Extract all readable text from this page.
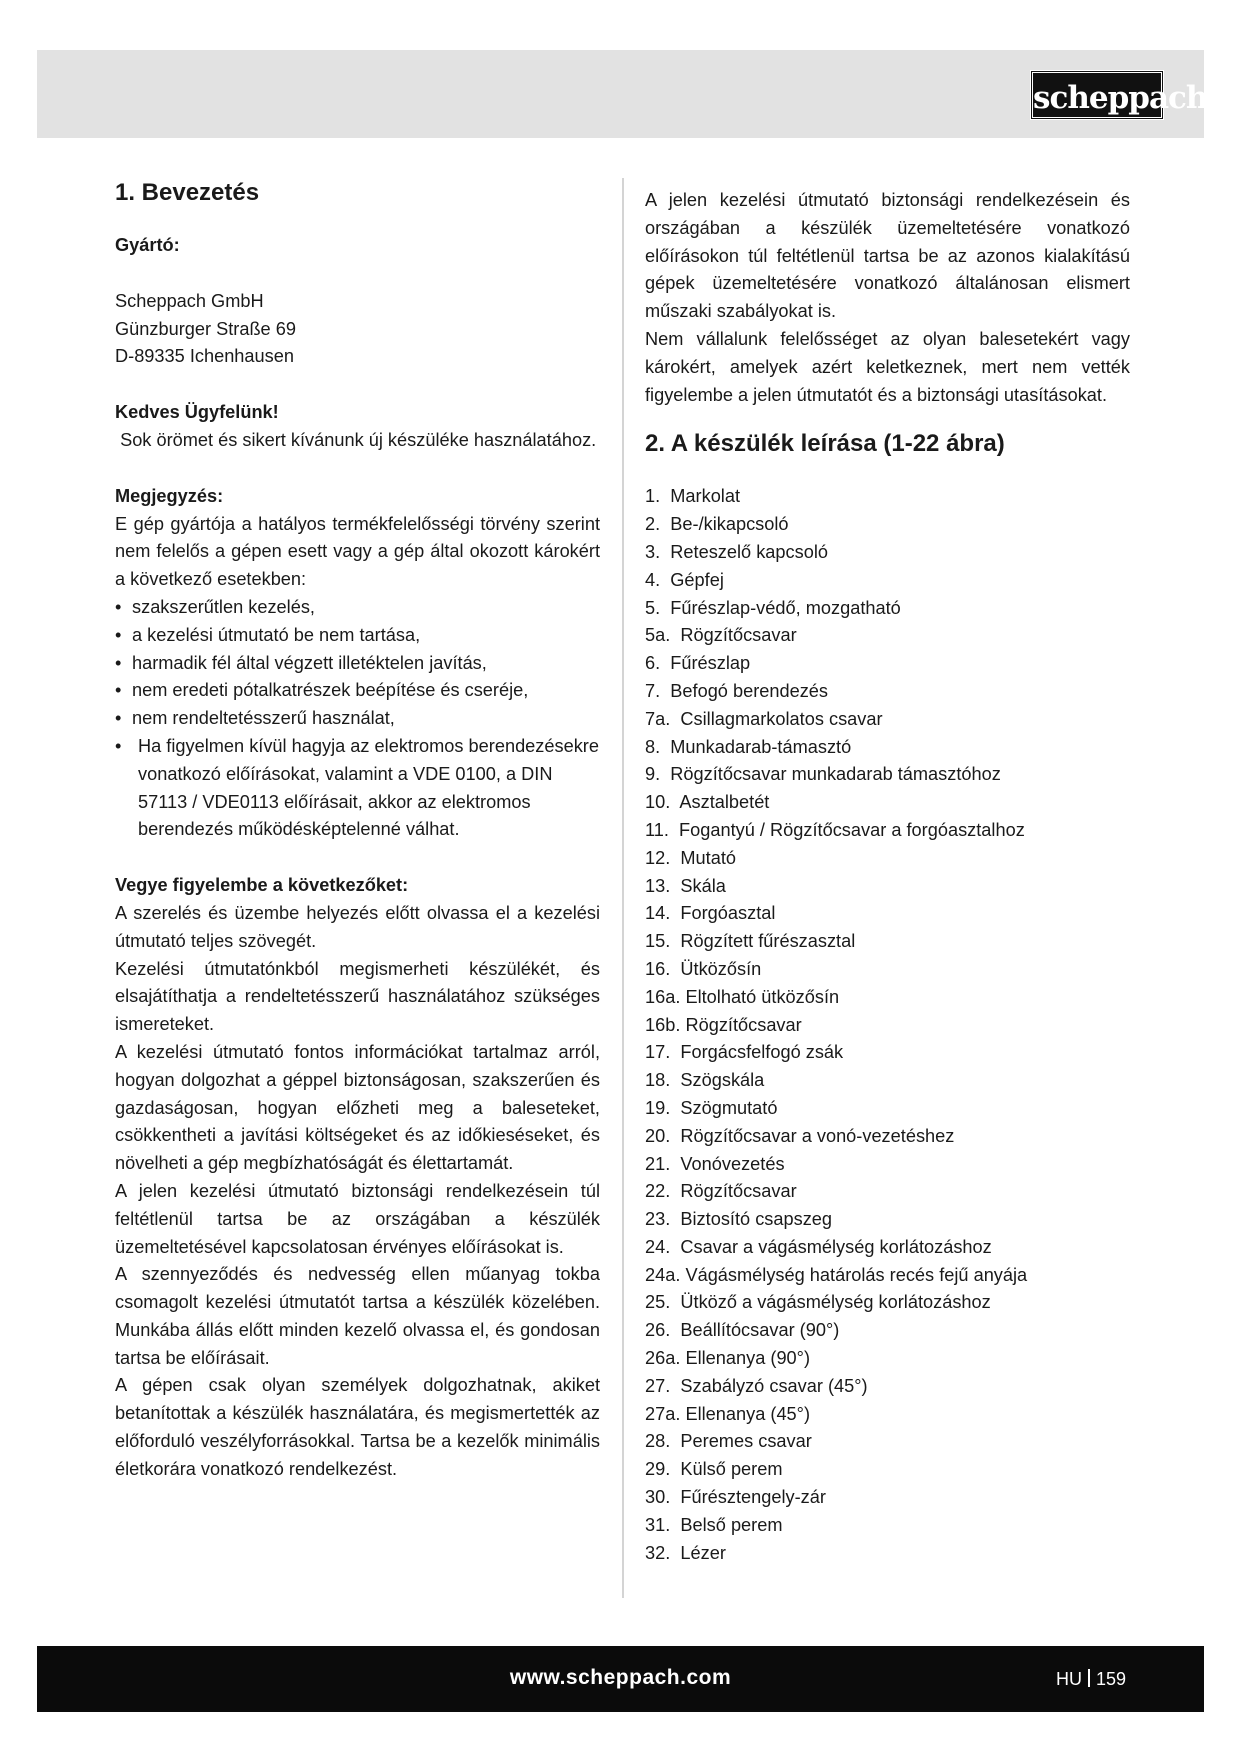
scheppach
1. Bevezetés

Gyártó:

Scheppach GmbH

Günzburger Straße 69

D-89335 Ichenhausen

Kedves Ügyfelünk!

Sok örömet és sikert kívánunk új készüléke használatához.

Megjegyzés:

E gép gyártója a hatályos termékfelelősségi törvény szerint nem felelős a gépen esett vagy a gép által okozott károkért a következő esetekben:

• szakszerűtlen kezelés,
• a kezelési útmutató be nem tartása,
• harmadik fél által végzett illetéktelen javítás,
• nem eredeti pótalkatrészek beépítése és cseréje,
• nem rendeltetésszerű használat,
• Ha figyelmen kívül hagyja az elektromos berendezésekre vonatkozó előírásokat, valamint a VDE 0100, a DIN 57113 / VDE0113 előírásait, akkor az elektromos berendezés működésképtelenné válhat.

Vegye figyelembe a következőket:

A szerelés és üzembe helyezés előtt olvassa el a kezelési útmutató teljes szövegét.

Kezelési útmutatónkból megismerheti készülékét, és elsajátíthatja a rendeltetésszerű használatához szükséges ismereteket.

A kezelési útmutató fontos információkat tartalmaz arról, hogyan dolgozhat a géppel biztonságosan, szakszerűen és gazdaságosan, hogyan előzheti meg a baleseteket, csökkentheti a javítási költségeket és az időkieséseket, és növelheti a gép megbízhatóságát és élettartamát.

A jelen kezelési útmutató biztonsági rendelkezésein túl feltétlenül tartsa be az országában a készülék üzemeltetésével kapcsolatosan érvényes előírásokat is.

A szennyeződés és nedvesség ellen műanyag tokba csomagolt kezelési útmutatót tartsa a készülék közelében. Munkába állás előtt minden kezelő olvassa el, és gondosan tartsa be előírásait.

A gépen csak olyan személyek dolgozhatnak, akiket betanítottak a készülék használatára, és megismertették az előforduló veszélyforrásokkal. Tartsa be a kezelők minimális életkorára vonatkozó rendelkezést.

A jelen kezelési útmutató biztonsági rendelkezésein és országában a készülék üzemeltetésére vonatkozó előírásokon túl feltétlenül tartsa be az azonos kialakítású gépek üzemeltetésére vonatkozó általánosan elismert műszaki szabályokat is.

Nem vállalunk felelősséget az olyan balesetekért vagy károkért, amelyek azért keletkeznek, mert nem vették figyelembe a jelen útmutatót és a biztonsági utasításokat.

2. A készülék leírása (1-22 ábra)
1.  Markolat
2.  Be-/kikapcsoló
3.  Reteszelő kapcsoló
4.  Gépfej
5.  Fűrészlap-védő, mozgatható
5a.  Rögzítőcsavar
6.  Fűrészlap
7.  Befogó berendezés
7a.  Csillagmarkolatos csavar
8.  Munkadarab-támasztó
9.  Rögzítőcsavar munkadarab támasztóhoz
10.  Asztalbetét
11.  Fogantyú / Rögzítőcsavar a forgóasztalhoz
12.  Mutató
13.  Skála
14.  Forgóasztal
15.  Rögzített fűrészasztal
16.  Ütközősín
16a. Eltolható ütközősín
16b. Rögzítőcsavar
17.  Forgácsfelfogó zsák
18.  Szögskála
19.  Szögmutató
20.  Rögzítőcsavar a vonó-vezetéshez
21.  Vonóvezetés
22.  Rögzítőcsavar
23.  Biztosító csapszeg
24.  Csavar a vágásmélység korlátozáshoz
24a. Vágásmélység határolás recés fejű anyája
25.  Ütköző a vágásmélység korlátozáshoz
26.  Beállítócsavar (90°)
26a. Ellenanya (90°)
27.  Szabályzó csavar (45°)
27a. Ellenanya (45°)
28.  Peremes csavar
29.  Külső perem
30.  Fűrésztengely-zár
31.  Belső perem
32.  Lézer
www.scheppach.com	HU 159
